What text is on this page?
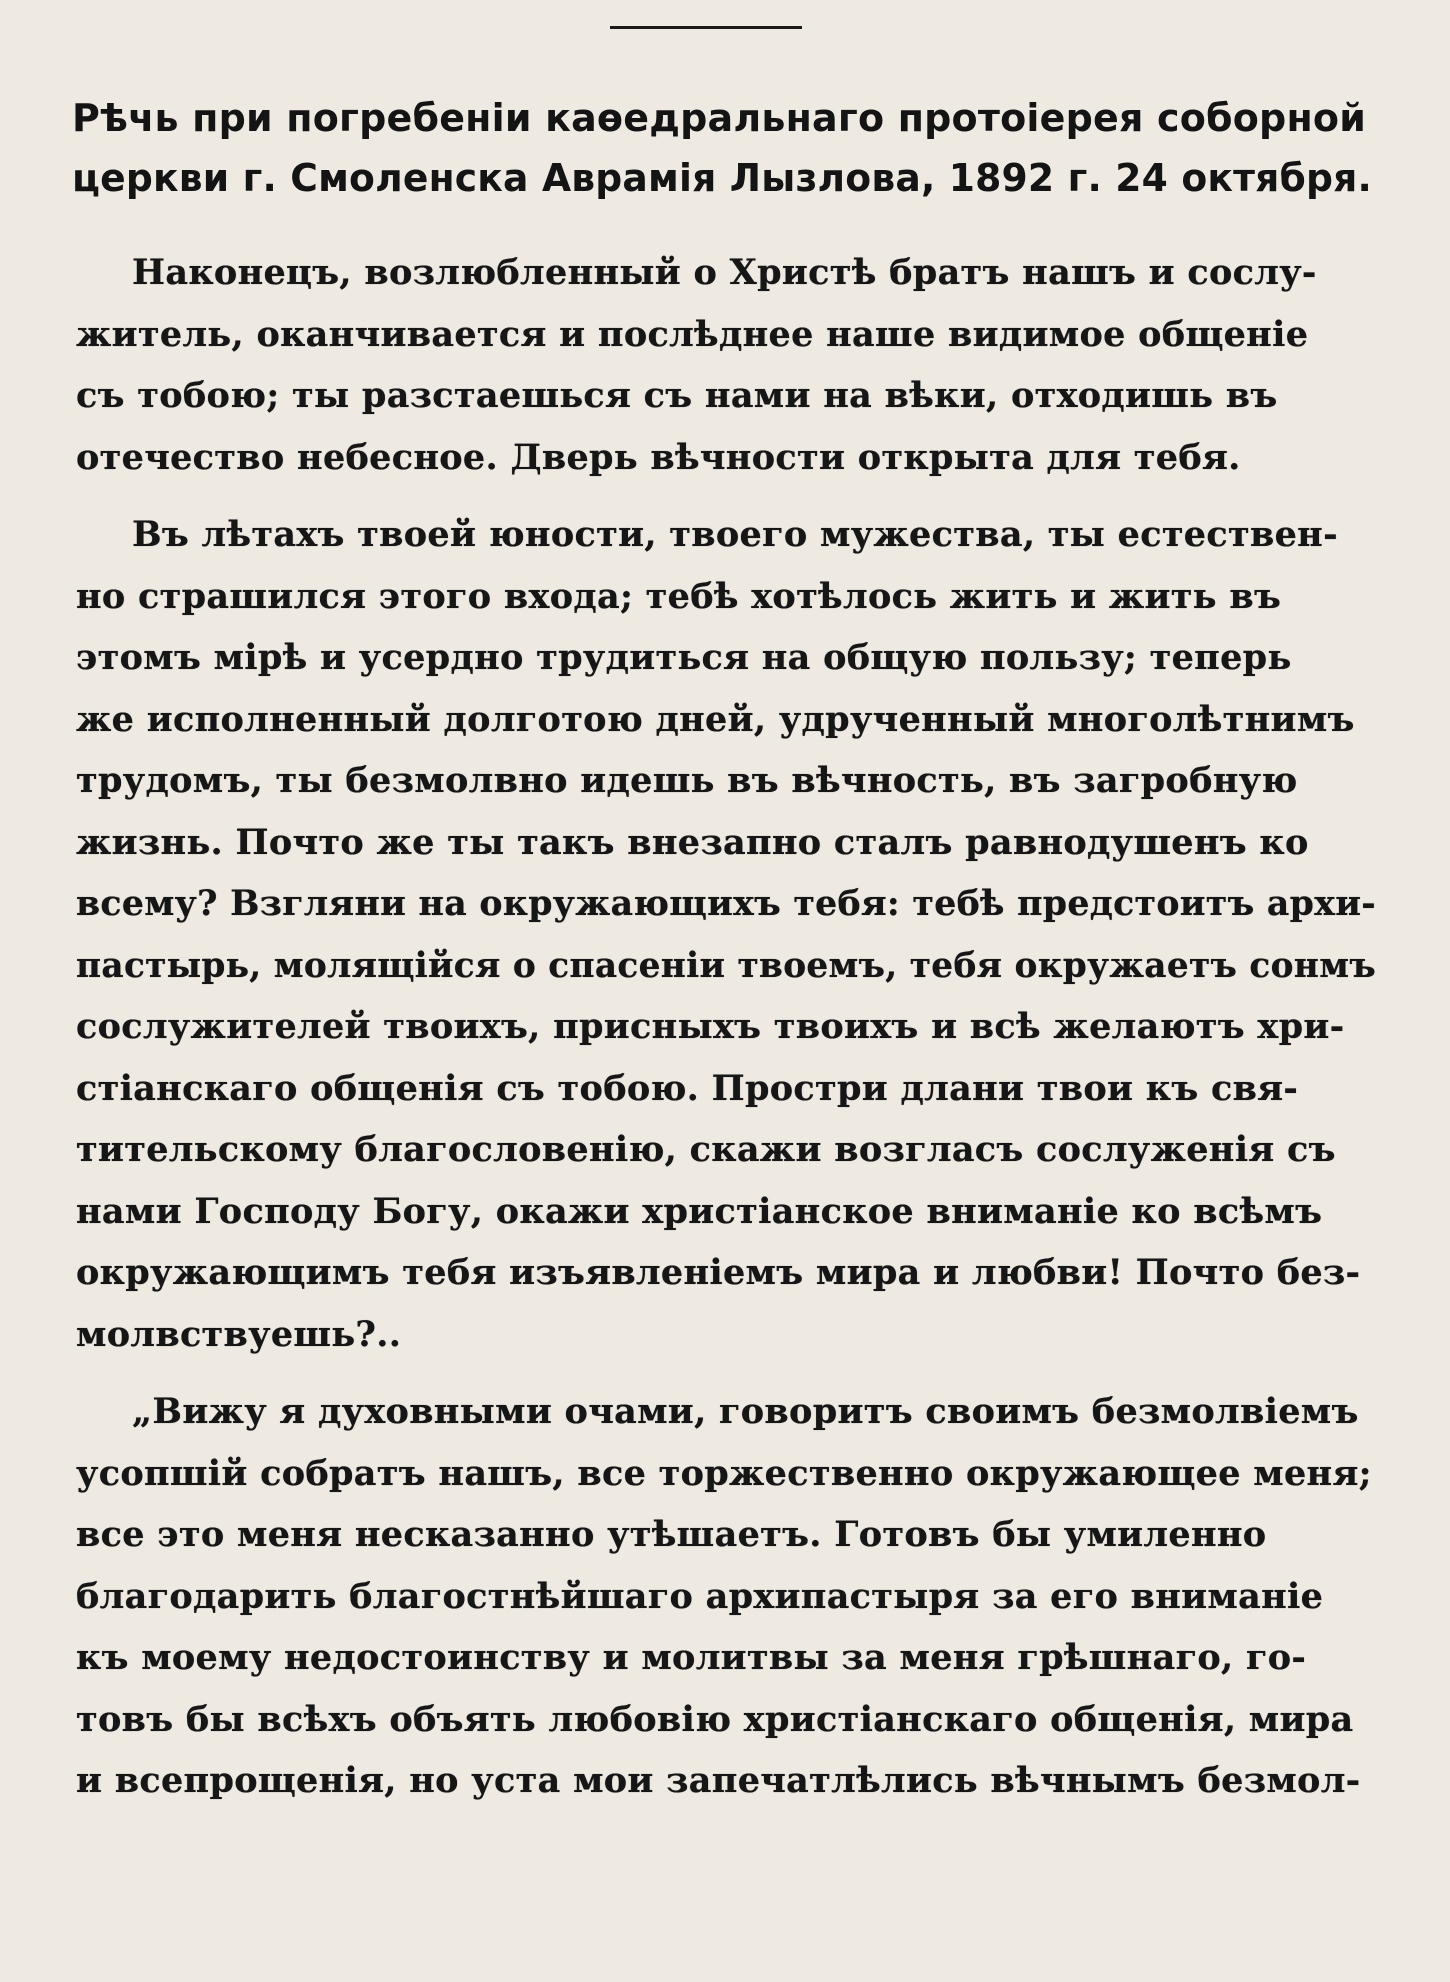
Рѣчь при погребенiи каѳедральнаго протоiерея соборной
церкви г. Смоленска Аврамiя Лызлова, 1892 г. 24 октября.
Наконецъ, возлюбленный о Христѣ братъ нашъ и сослу-
житель, оканчивается и послѣднее наше видимое общенiе
съ тобою; ты разстаешься съ нами на вѣки, отходишь въ
отечество небесное. Дверь вѣчности открыта для тебя.
Въ лѣтахъ твоей юности, твоего мужества, ты естествен-
но страшился этого входа; тебѣ хотѣлось жить и жить въ
этомъ мiрѣ и усердно трудиться на общую пользу; теперь
же исполненный долготою дней, удрученный многолѣтнимъ
трудомъ, ты безмолвно идешь въ вѣчность, въ загробную
жизнь. Почто же ты такъ внезапно сталъ равнодушенъ ко
всему? Взгляни на окружающихъ тебя: тебѣ предстоитъ архи-
пастырь, молящiйся о спасенiи твоемъ, тебя окружаетъ сонмъ
сослужителей твоихъ, присныхъ твоихъ и всѣ желаютъ хри-
стiанскаго общенiя съ тобою. Простри длани твои къ свя-
тительскому благословенiю, скажи возгласъ сослуженiя съ
нами Господу Богу, окажи христiанское вниманiе ко всѣмъ
окружающимъ тебя изъявленiемъ мира и любви! Почто без-
молвствуешь?..
„Вижу я духовными очами, говоритъ своимъ безмолвiемъ
усопшiй собратъ нашъ, все торжественно окружающее меня;
все это меня несказанно утѣшаетъ. Готовъ бы умиленно
благодарить благостнѣйшаго архипастыря за его вниманiе
къ моему недостоинству и молитвы за меня грѣшнаго, го-
товъ бы всѣхъ объять любовiю христiанскаго общенiя, мира
и всепрощенiя, но уста мои запечатлѣлись вѣчнымъ безмол-
